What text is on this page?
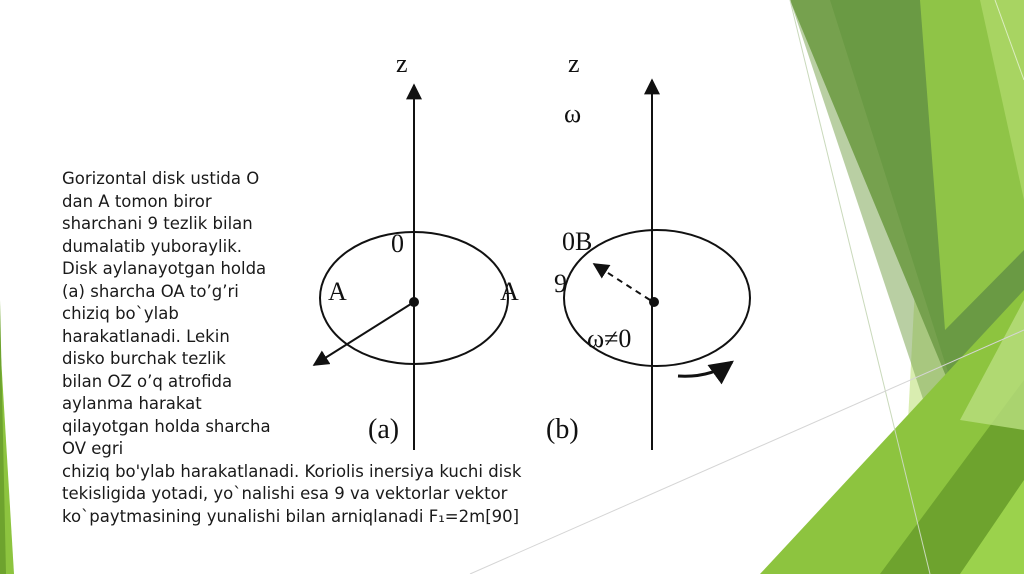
z
0
A	A
(a)
z
ω
0B
9
ω≠0
(b)
Gorizontal disk ustida O
dan A tomon biror
sharchani 9 tezlik bilan
dumalatib yuboraylik.
Disk aylanayotgan holda
(a) sharcha OA to’g’ri
chiziq bo`ylab
harakatlanadi. Lekin
disko burchak tezlik
bilan OZ o’q atrofida
aylanma harakat
qilayotgan holda sharcha
OV egri
chiziq bo'ylab harakatlanadi. Koriolis inersiya kuchi disk
tekisligida yotadi, yo`nalishi esa 9 va vektorlar vektor
ko`paytmasining yunalishi bilan arniqlanadi F₁=2m[90]
